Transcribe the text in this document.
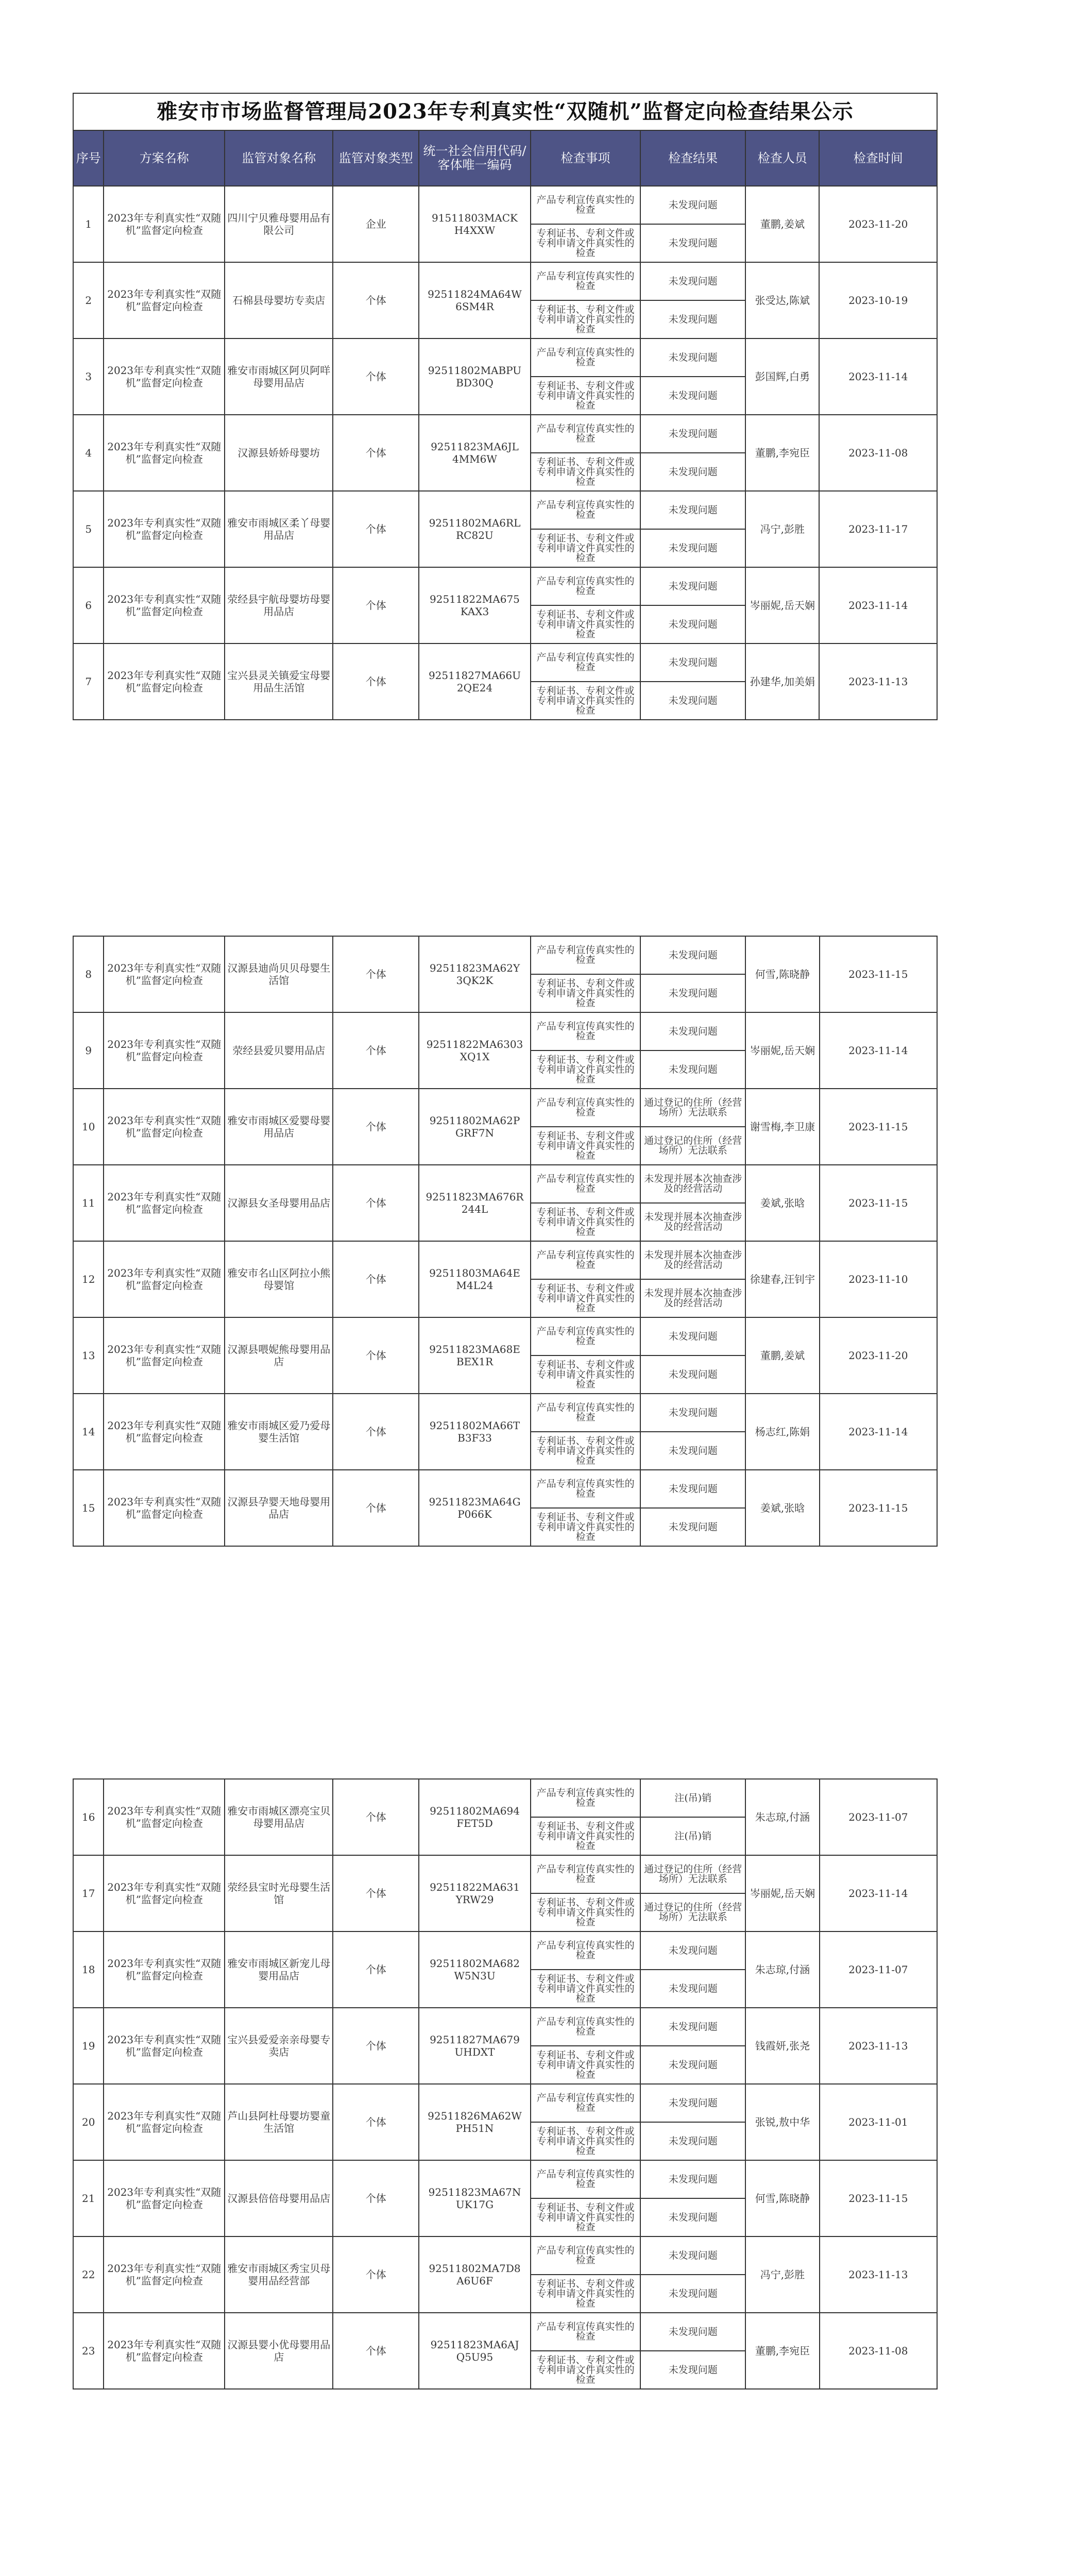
雅安市市场监督管理局2023年专利真实性“双随机”监督定向检查结果公示								
序号	方案名称	监管对象名称	监管对象类型	统一社会信用代码/客体唯一编码	检查事项	检查结果	检查人员	检查时间
1	2023年专利真实性“双随机”监督定向检查	四川宁贝雅母婴用品有限公司	企业	91511803MACK H4XXW	产品专利宣传真实性的检查	未发现问题	董鹏,姜斌	2023-11-20
					专利证书、专利文件或专利申请文件真实性的检查	未发现问题		
2	2023年专利真实性“双随机”监督定向检查	石棉县母婴坊专卖店	个体	92511824MA64W 6SM4R	产品专利宣传真实性的检查	未发现问题	张受达,陈斌	2023-10-19
					专利证书、专利文件或专利申请文件真实性的检查	未发现问题		
3	2023年专利真实性“双随机”监督定向检查	雅安市雨城区阿贝阿咩母婴用品店	个体	92511802MABPU BD30Q	产品专利宣传真实性的检查	未发现问题	彭国辉,白勇	2023-11-14
					专利证书、专利文件或专利申请文件真实性的检查	未发现问题		
4	2023年专利真实性“双随机”监督定向检查	汉源县娇娇母婴坊	个体	92511823MA6JL 4MM6W	产品专利宣传真实性的检查	未发现问题	董鹏,李宛臣	2023-11-08
					专利证书、专利文件或专利申请文件真实性的检查	未发现问题		
5	2023年专利真实性“双随机”监督定向检查	雅安市雨城区柔丫母婴用品店	个体	92511802MA6RL RC82U	产品专利宣传真实性的检查	未发现问题	冯宁,彭胜	2023-11-17
					专利证书、专利文件或专利申请文件真实性的检查	未发现问题		
6	2023年专利真实性“双随机”监督定向检查	荥经县宇航母婴坊母婴用品店	个体	92511822MA675 KAX3	产品专利宣传真实性的检查	未发现问题	岑丽妮,岳天娴	2023-11-14
					专利证书、专利文件或专利申请文件真实性的检查	未发现问题		
7	2023年专利真实性“双随机”监督定向检查	宝兴县灵关镇爱宝母婴用品生活馆	个体	92511827MA66U 2QE24	产品专利宣传真实性的检查	未发现问题	孙建华,加美娟	2023-11-13
					专利证书、专利文件或专利申请文件真实性的检查	未发现问题		
8	2023年专利真实性“双随机”监督定向检查	汉源县迪尚贝贝母婴生活馆	个体	92511823MA62Y 3QK2K	产品专利宣传真实性的检查	未发现问题	何雪,陈晓静	2023-11-15
					专利证书、专利文件或专利申请文件真实性的检查	未发现问题		
9	2023年专利真实性“双随机”监督定向检查	荥经县爱贝婴用品店	个体	92511822MA6303 XQ1X	产品专利宣传真实性的检查	未发现问题	岑丽妮,岳天娴	2023-11-14
					专利证书、专利文件或专利申请文件真实性的检查	未发现问题		
10	2023年专利真实性“双随机”监督定向检查	雅安市雨城区爱婴母婴用品店	个体	92511802MA62P GRF7N	产品专利宣传真实性的检查	通过登记的住所（经营场所）无法联系	谢雪梅,李卫康	2023-11-15
					专利证书、专利文件或专利申请文件真实性的检查	通过登记的住所（经营场所）无法联系		
11	2023年专利真实性“双随机”监督定向检查	汉源县女圣母婴用品店	个体	92511823MA676R 244L	产品专利宣传真实性的检查	未发现并展本次抽查涉及的经营活动	姜斌,张晗	2023-11-15
					专利证书、专利文件或专利申请文件真实性的检查	未发现并展本次抽查涉及的经营活动		
12	2023年专利真实性“双随机”监督定向检查	雅安市名山区阿拉小熊母婴馆	个体	92511803MA64E M4L24	产品专利宣传真实性的检查	未发现并展本次抽查涉及的经营活动	徐建春,汪钊宇	2023-11-10
					专利证书、专利文件或专利申请文件真实性的检查	未发现并展本次抽查涉及的经营活动		
13	2023年专利真实性“双随机”监督定向检查	汉源县喂妮熊母婴用品店	个体	92511823MA68E BEX1R	产品专利宣传真实性的检查	未发现问题	董鹏,姜斌	2023-11-20
					专利证书、专利文件或专利申请文件真实性的检查	未发现问题		
14	2023年专利真实性“双随机”监督定向检查	雅安市雨城区爱乃爱母婴生活馆	个体	92511802MA66T B3F33	产品专利宣传真实性的检查	未发现问题	杨志红,陈娟	2023-11-14
					专利证书、专利文件或专利申请文件真实性的检查	未发现问题		
15	2023年专利真实性“双随机”监督定向检查	汉源县孕婴天地母婴用品店	个体	92511823MA64G P066K	产品专利宣传真实性的检查	未发现问题	姜斌,张晗	2023-11-15
					专利证书、专利文件或专利申请文件真实性的检查	未发现问题		
16	2023年专利真实性“双随机”监督定向检查	雅安市雨城区漂亮宝贝母婴用品店	个体	92511802MA694 FET5D	产品专利宣传真实性的检查	注(吊)销	朱志琼,付涵	2023-11-07
					专利证书、专利文件或专利申请文件真实性的检查	注(吊)销		
17	2023年专利真实性“双随机”监督定向检查	荥经县宝时光母婴生活馆	个体	92511822MA631 YRW29	产品专利宣传真实性的检查	通过登记的住所（经营场所）无法联系	岑丽妮,岳天娴	2023-11-14
					专利证书、专利文件或专利申请文件真实性的检查	通过登记的住所（经营场所）无法联系		
18	2023年专利真实性“双随机”监督定向检查	雅安市雨城区新宠儿母婴用品店	个体	92511802MA682 W5N3U	产品专利宣传真实性的检查	未发现问题	朱志琼,付涵	2023-11-07
					专利证书、专利文件或专利申请文件真实性的检查	未发现问题		
19	2023年专利真实性“双随机”监督定向检查	宝兴县爱爱亲亲母婴专卖店	个体	92511827MA679 UHDXT	产品专利宣传真实性的检查	未发现问题	钱霞妍,张尧	2023-11-13
					专利证书、专利文件或专利申请文件真实性的检查	未发现问题		
20	2023年专利真实性“双随机”监督定向检查	芦山县阿杜母婴坊婴童生活馆	个体	92511826MA62W PH51N	产品专利宣传真实性的检查	未发现问题	张锐,敖中华	2023-11-01
					专利证书、专利文件或专利申请文件真实性的检查	未发现问题		
21	2023年专利真实性“双随机”监督定向检查	汉源县倍倍母婴用品店	个体	92511823MA67N UK17G	产品专利宣传真实性的检查	未发现问题	何雪,陈晓静	2023-11-15
					专利证书、专利文件或专利申请文件真实性的检查	未发现问题		
22	2023年专利真实性“双随机”监督定向检查	雅安市雨城区秀宝贝母婴用品经营部	个体	92511802MA7D8 A6U6F	产品专利宣传真实性的检查	未发现问题	冯宁,彭胜	2023-11-13
					专利证书、专利文件或专利申请文件真实性的检查	未发现问题		
23	2023年专利真实性“双随机”监督定向检查	汉源县婴小优母婴用品店	个体	92511823MA6AJ Q5U95	产品专利宣传真实性的检查	未发现问题	董鹏,李宛臣	2023-11-08
					专利证书、专利文件或专利申请文件真实性的检查	未发现问题		
